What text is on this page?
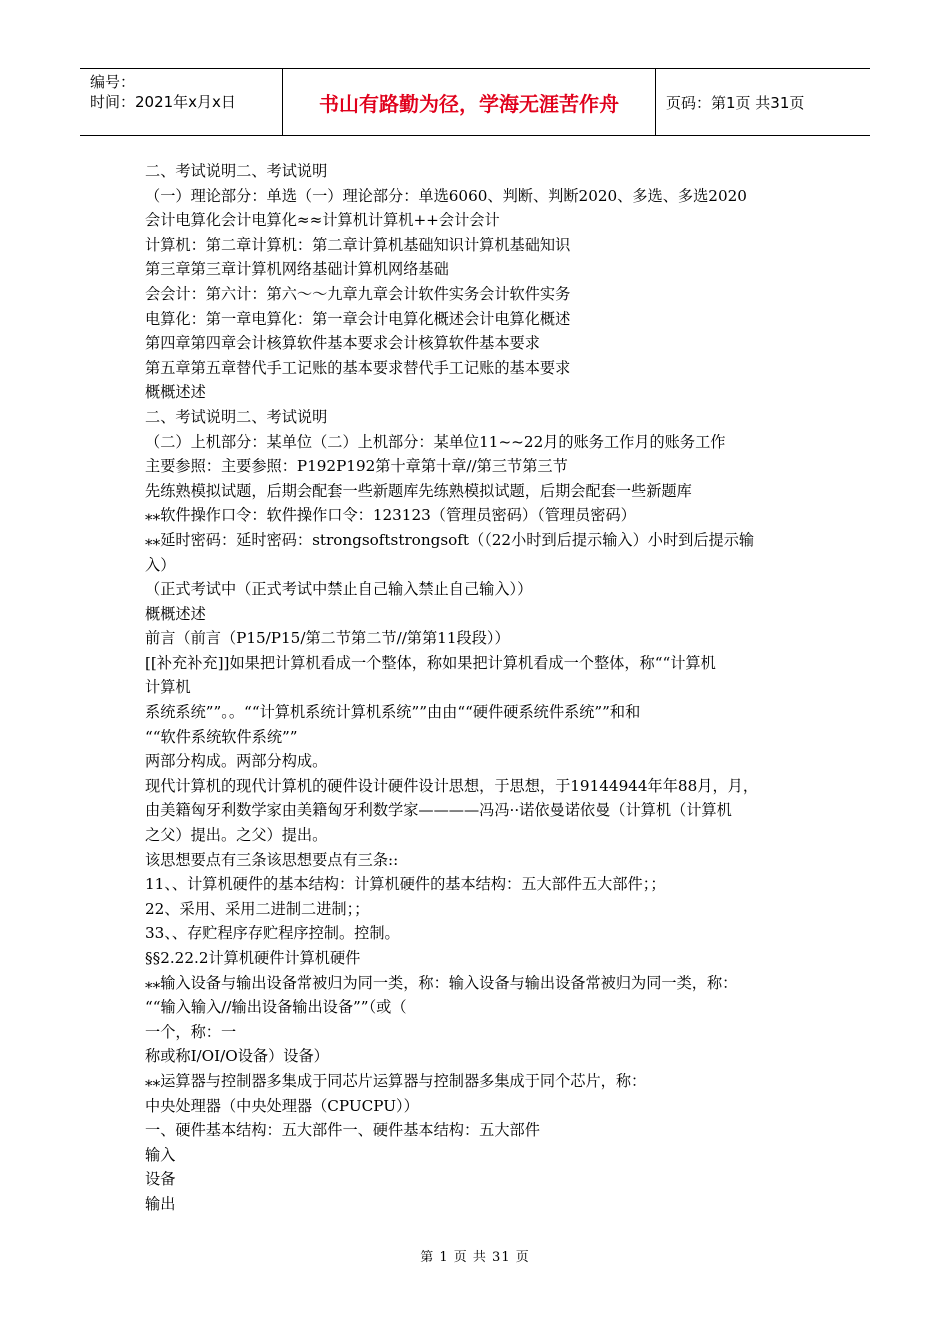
编号：
时间：2021年x月x日	书山有路勤为径，学海无涯苦作舟	页码：第1页 共31页
二、考试说明二、考试说明
（一）理论部分：单选（一）理论部分：单选6060、判断、判断2020、多选、多选2020
会计电算化会计电算化≈≈计算机计算机++会计会计
计算机：第二章计算机：第二章计算机基础知识计算机基础知识
第三章第三章计算机网络基础计算机网络基础
会会计：第六计：第六～～九章九章会计软件实务会计软件实务
电算化：第一章电算化：第一章会计电算化概述会计电算化概述
第四章第四章会计核算软件基本要求会计核算软件基本要求
第五章第五章替代手工记账的基本要求替代手工记账的基本要求
概概述述
二、考试说明二、考试说明
（二）上机部分：某单位（二）上机部分：某单位11~~22月的账务工作月的账务工作
主要参照：主要参照：P192P192第十章第十章//第三节第三节
先练熟模拟试题，后期会配套一些新题库先练熟模拟试题，后期会配套一些新题库
⁎⁎软件操作口令：软件操作口令：123123（管理员密码）（管理员密码）
⁎⁎延时密码：延时密码：strongsoftstrongsoft（（22小时到后提示输入）小时到后提示输
入）
（正式考试中（正式考试中禁止自己输入禁止自己输入））
概概述述
前言（前言（P15/P15/第二节第二节//第第11段段））
[[补充补充]]如果把计算机看成一个整体，称如果把计算机看成一个整体，称““计算机
计算机
系统系统””。。““计算机系统计算机系统””由由““硬件硬系统件系统””和和
““软件系统软件系统””
两部分构成。两部分构成。
现代计算机的现代计算机的硬件设计硬件设计思想，于思想，于19144944年年88月，月，
由美籍匈牙利数学家由美籍匈牙利数学家————冯冯··诺依曼诺依曼（计算机（计算机
之父）提出。之父）提出。
该思想要点有三条该思想要点有三条::
11、、计算机硬件的基本结构：计算机硬件的基本结构：五大部件五大部件；；
22、采用、采用二进制二进制；；
33、、存贮程序存贮程序控制。控制。
§§2.22.2计算机硬件计算机硬件
⁎⁎输入设备与输出设备常被归为同一类，称：输入设备与输出设备常被归为同一类，称：
““输入输入//输出设备输出设备””（或（
一个，称：一
称或称I/OI/O设备）设备）
⁎⁎运算器与控制器多集成于同芯片运算器与控制器多集成于同个芯片，称：
中央处理器（中央处理器（CPUCPU））
一、硬件基本结构：五大部件一、硬件基本结构：五大部件
输入
设备
输出
第 1 页 共 31 页
